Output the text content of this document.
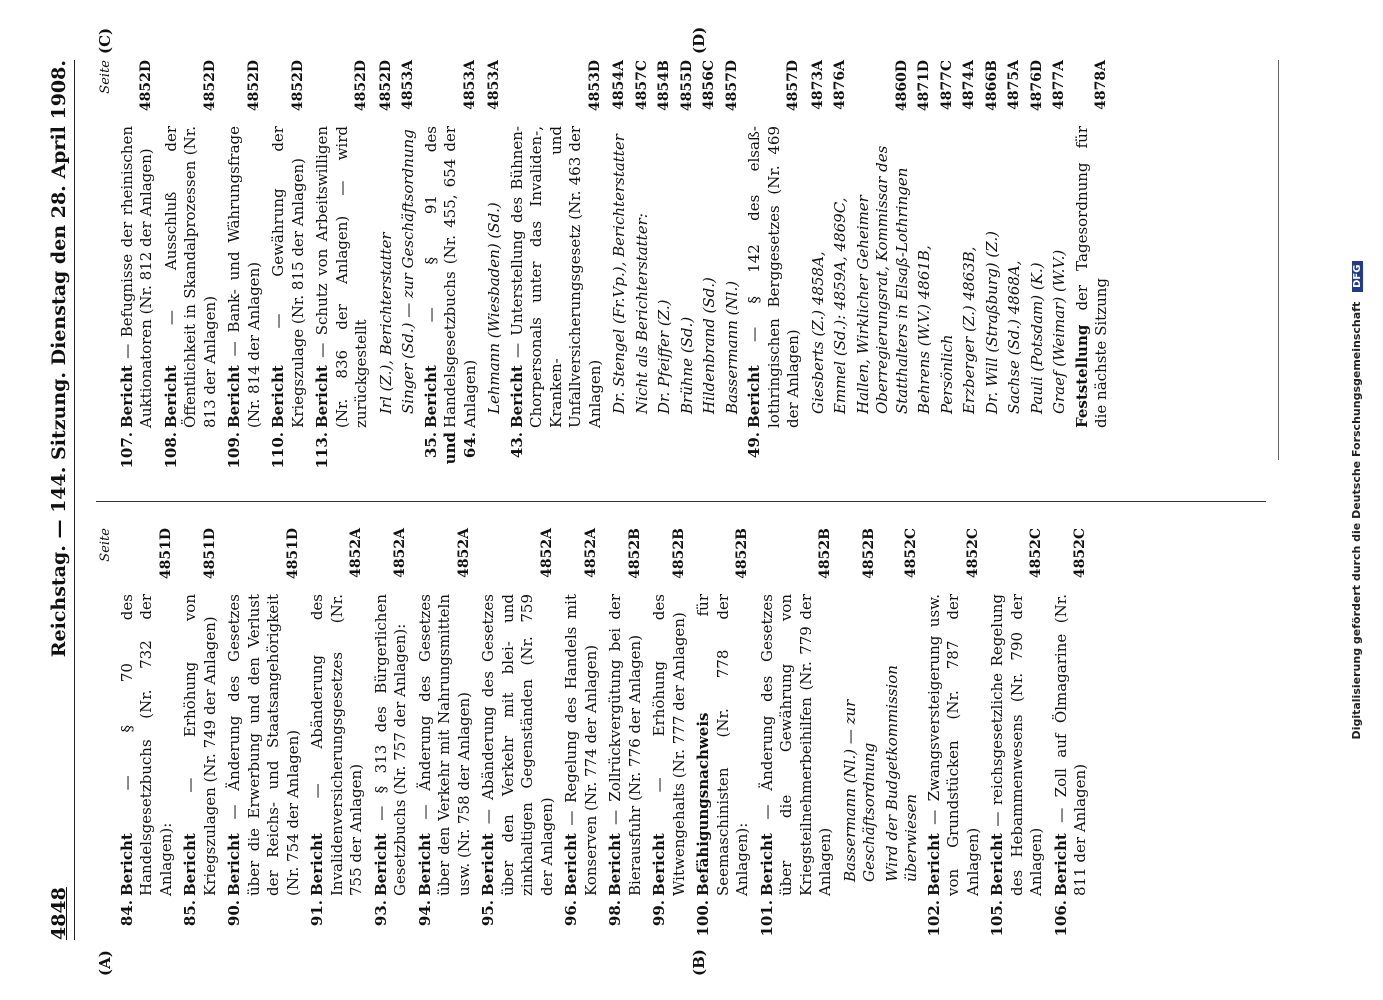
4848
Reichstag. — 144. Sitzung. Dienstag den 28. April 1908.
(A)	(B)
(C)	(D)
Seite
84.
Bericht — § 70 des Handelsgesetzbuchs (Nr. 732 der Anlagen):
4851D
85.
Bericht — Erhöhung von Kriegszulagen (Nr. 749 der Anlagen)
4851D
90.
Bericht — Änderung des Gesetzes über die Erwerbung und den Verlust der Reichs- und Staatsangehörigkeit (Nr. 754 der Anlagen)
4851D
91.
Bericht — Abänderung des Invalidenversicherungsgesetzes (Nr. 755 der Anlagen)
4852A
93.
Bericht — § 313 des Bürgerlichen Gesetzbuchs (Nr. 757 der Anlagen):
4852A
94.
Bericht — Änderung des Gesetzes über den Verkehr mit Nahrungsmitteln usw. (Nr. 758 der Anlagen)
4852A
95.
Bericht — Abänderung des Gesetzes über den Verkehr mit blei- und zinkhaltigen Gegenständen (Nr. 759 der Anlagen)
4852A
96.
Bericht — Regelung des Handels mit Konserven (Nr. 774 der Anlagen)
4852A
98.
Bericht — Zollrückvergütung bei der Bierausfuhr (Nr. 776 der Anlagen)
4852B
99.
Bericht — Erhöhung des Witwengehalts (Nr. 777 der Anlagen)
4852B
100.
Befähigungsnachweis für Seemaschinisten (Nr. 778 der Anlagen):
4852B
101.
Bericht — Änderung des Gesetzes über die Gewährung von Kriegsteilnehmerbeihilfen (Nr. 779 der Anlagen)
4852B
Bassermann (Nl.) — zur Geschäftsordnung
4852B
Wird der Budgetkommission überwiesen
4852C
102.
Bericht — Zwangsversteigerung usw. von Grundstücken (Nr. 787 der Anlagen)
4852C
105.
Bericht — reichsgesetzliche Regelung des Hebammenwesens (Nr. 790 der Anlagen)
4852C
106.
Bericht — Zoll auf Ölmagarine (Nr. 811 der Anlagen)
4852C
Seite
107.
Bericht — Befugnisse der rheinischen Auktionatoren (Nr. 812 der Anlagen)
4852D
108.
Bericht — Ausschluß der Öffentlichkeit in Skandalprozessen (Nr. 813 der Anlagen)
4852D
109.
Bericht — Bank- und Währungsfrage (Nr. 814 der Anlagen)
4852D
110.
Bericht — Gewährung der Kriegszulage (Nr. 815 der Anlagen)
4852D
113.
Bericht — Schutz von Arbeitswilligen (Nr. 836 der Anlagen) — wird zurückgestellt
4852D
Irl (Z.), Berichterstatter
4852D
Singer (Sd.) — zur Geschäftsordnung
4853A
35. und 64.
Bericht — § 91 des Handelsgesetzbuchs (Nr. 455, 654 der Anlagen)
4853A
Lehmann (Wiesbaden) (Sd.)
4853A
43.
Bericht — Unterstellung des Bühnen-Chorpersonals unter das Invaliden-, Kranken- und Unfallversicherungsgesetz (Nr. 463 der Anlagen)
4853D
Dr. Stengel (Fr.Vp.), Berichterstatter
4854A
Nicht als Berichterstatter:
4857C
Dr. Pfeiffer (Z.)
4854B
Brühne (Sd.)
4855D
Hildenbrand (Sd.)
4856C
Bassermann (Nl.)
4857D
49.
Bericht — § 142 des elsaß-lothringischen Berggesetzes (Nr. 469 der Anlagen)
4857D
Giesberts (Z.) 4858A,
4873A
Emmel (Sd.): 4859A, 4869C,
4876A
Hallen, Wirklicher Geheimer Oberregierungsrat, Kommissar des Statthalters in Elsaß-Lothringen
4860D
Behrens (W.V.) 4861B,
4871D
Persönlich
4877C
Erzberger (Z.) 4863B,
4874A
Dr. Will (Straßburg) (Z.)
4866B
Sachse (Sd.) 4868A,
4875A
Pauli (Potsdam) (K.)
4876D
Graef (Weimar) (W.V.)
4877A
Feststellung der Tagesordnung für die nächste Sitzung
4878A
Digitalisierung gefördert durch die Deutsche Forschungsgemeinschaft DFG
